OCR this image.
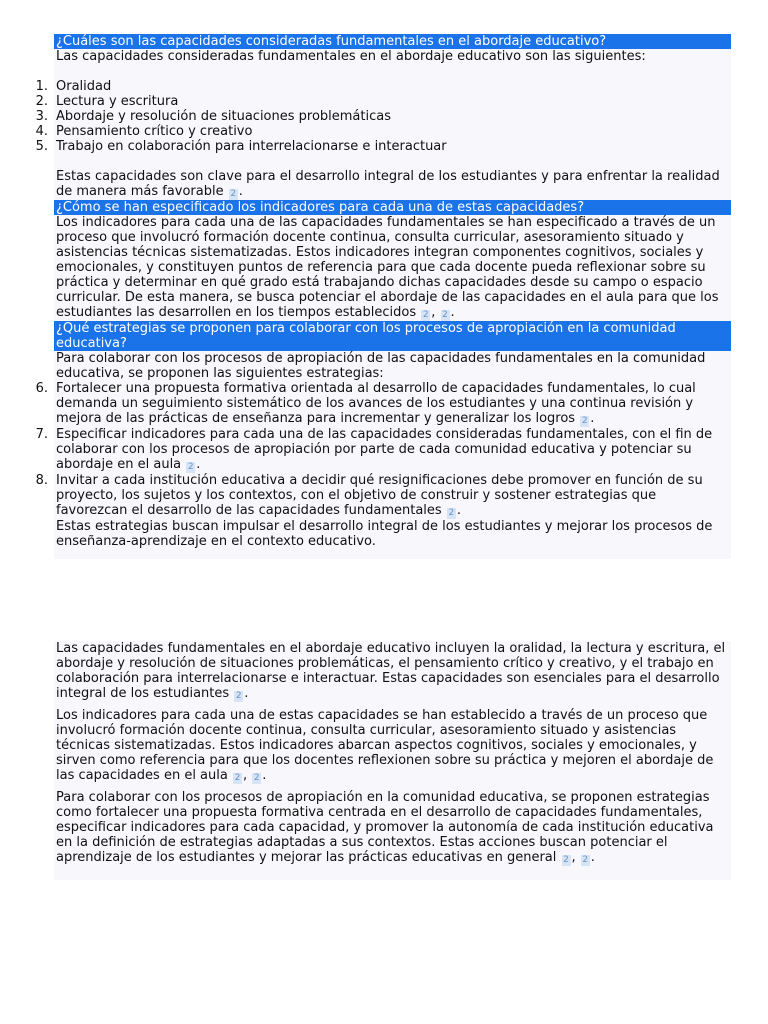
¿Cuáles son las capacidades consideradas fundamentales en el abordaje educativo?

Las capacidades consideradas fundamentales en el abordaje educativo son las siguientes:

1. Oralidad
2. Lectura y escritura
3. Abordaje y resolución de situaciones problemáticas
4. Pensamiento crítico y creativo
5. Trabajo en colaboración para interrelacionarse e interactuar

Estas capacidades son clave para el desarrollo integral de los estudiantes y para enfrentar la realidad de manera más favorable 2 .

¿Cómo se han especificado los indicadores para cada una de estas capacidades?

Los indicadores para cada una de las capacidades fundamentales se han especificado a través de un proceso que involucró formación docente continua, consulta curricular, asesoramiento situado y asistencias técnicas sistematizadas. Estos indicadores integran componentes cognitivos, sociales y emocionales, y constituyen puntos de referencia para que cada docente pueda reflexionar sobre su práctica y determinar en qué grado está trabajando dichas capacidades desde su campo o espacio curricular. De esta manera, se busca potenciar el abordaje de las capacidades en el aula para que los estudiantes las desarrollen en los tiempos establecidos 2 , 2 .

¿Qué estrategias se proponen para colaborar con los procesos de apropiación en la comunidad educativa?

Para colaborar con los procesos de apropiación de las capacidades fundamentales en la comunidad educativa, se proponen las siguientes estrategias:

6. Fortalecer una propuesta formativa orientada al desarrollo de capacidades fundamentales, lo cual demanda un seguimiento sistemático de los avances de los estudiantes y una continua revisión y mejora de las prácticas de enseñanza para incrementar y generalizar los logros 2 .
7. Especificar indicadores para cada una de las capacidades consideradas fundamentales, con el fin de colaborar con los procesos de apropiación por parte de cada comunidad educativa y potenciar su abordaje en el aula 2 .
8. Invitar a cada institución educativa a decidir qué resignificaciones debe promover en función de su proyecto, los sujetos y los contextos, con el objetivo de construir y sostener estrategias que favorezcan el desarrollo de las capacidades fundamentales 2 .

Estas estrategias buscan impulsar el desarrollo integral de los estudiantes y mejorar los procesos de enseñanza-aprendizaje en el contexto educativo.

Las capacidades fundamentales en el abordaje educativo incluyen la oralidad, la lectura y escritura, el abordaje y resolución de situaciones problemáticas, el pensamiento crítico y creativo, y el trabajo en colaboración para interrelacionarse e interactuar. Estas capacidades son esenciales para el desarrollo integral de los estudiantes 2 .

Los indicadores para cada una de estas capacidades se han establecido a través de un proceso que involucró formación docente continua, consulta curricular, asesoramiento situado y asistencias técnicas sistematizadas. Estos indicadores abarcan aspectos cognitivos, sociales y emocionales, y sirven como referencia para que los docentes reflexionen sobre su práctica y mejoren el abordaje de las capacidades en el aula 2 , 2 .

Para colaborar con los procesos de apropiación en la comunidad educativa, se proponen estrategias como fortalecer una propuesta formativa centrada en el desarrollo de capacidades fundamentales, especificar indicadores para cada capacidad, y promover la autonomía de cada institución educativa en la definición de estrategias adaptadas a sus contextos. Estas acciones buscan potenciar el aprendizaje de los estudiantes y mejorar las prácticas educativas en general 2 , 2 .
